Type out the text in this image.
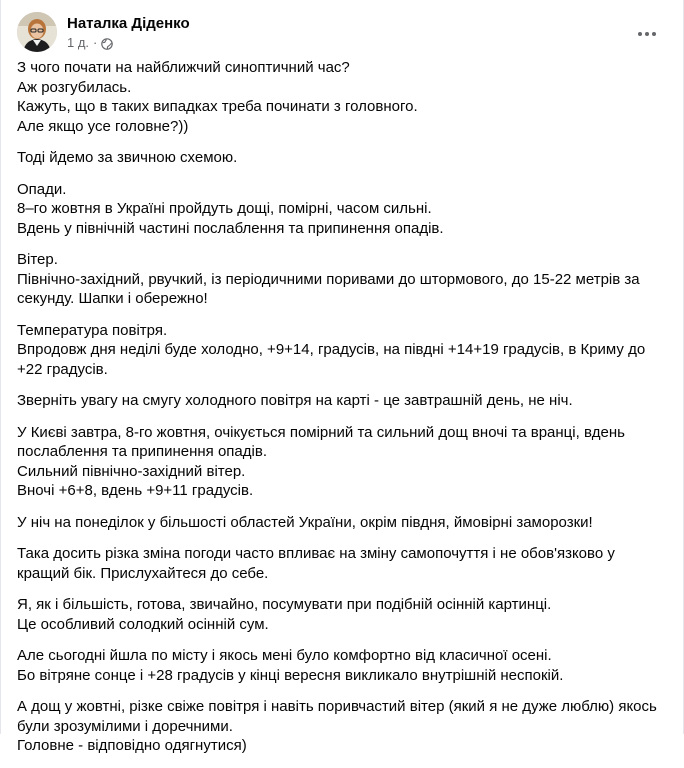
Наталка Діденко
1 д. ·
З чого почати на найближчий синоптичний час?
Аж розгубилась.
Кажуть, що в таких випадках треба починати з головного.
Але якщо усе головне?))
Тоді йдемо за звичною схемою.
Опади.
8–го жовтня в Україні пройдуть дощі, помірні, часом сильні.
Вдень у північній частині послаблення та припинення опадів.
Вітер.
Північно-західний, рвучкий, із періодичними поривами до штормового, до 15-22 метрів за секунду. Шапки і обережно!
Температура повітря.
Впродовж дня неділі буде холодно, +9+14, градусів, на півдні +14+19 градусів, в Криму до +22 градусів.
Зверніть увагу на смугу холодного повітря на карті - це завтрашній день, не ніч.
У Києві завтра, 8-го жовтня, очікується помірний та сильний дощ вночі та вранці, вдень послаблення та припинення опадів.
Сильний північно-західний вітер.
Вночі +6+8, вдень +9+11 градусів.
У ніч на понеділок у більшості областей України, окрім півдня, ймовірні заморозки!
Така досить різка зміна погоди часто впливає на зміну самопочуття і не обов'язково у кращий бік. Прислухайтеся до себе.
Я, як і більшість, готова, звичайно, посумувати при подібній осінній картинці.
Це особливий солодкий осінній сум.
Але сьогодні йшла по місту і якось мені було комфортно від класичної осені.
Бо вітряне сонце і +28 градусів у кінці вересня викликало внутрішній неспокій.
А дощ у жовтні, різке свіже повітря і навіть поривчастий вітер (який я не дуже люблю) якось були зрозумілими і доречними.
Головне - відповідно одягнутися)
